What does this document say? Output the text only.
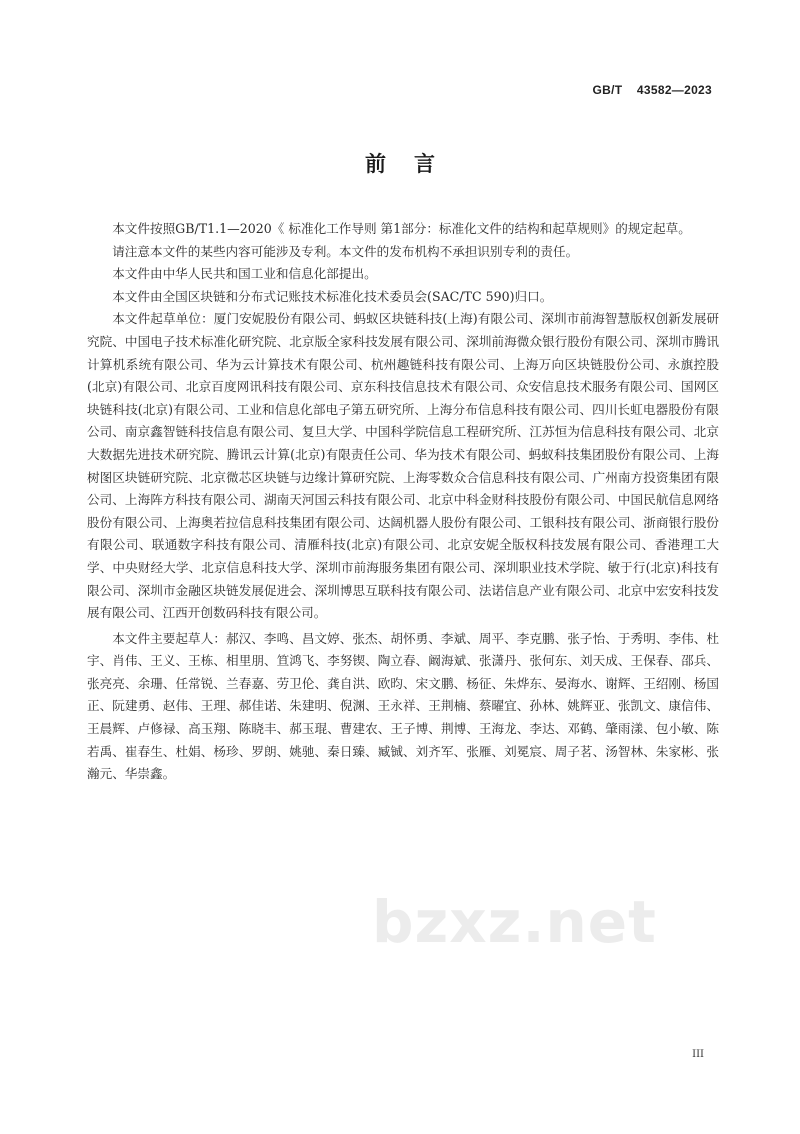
GB/T    43582—2023
前言

本文件按照GB/T1.1—2020《 标准化工作导则 第1部分：标准化文件的结构和起草规则》的规定起草。

请注意本文件的某些内容可能涉及专利。本文件的发布机构不承担识别专利的责任。

本文件由中华人民共和国工业和信息化部提出。

本文件由全国区块链和分布式记账技术标准化技术委员会(SAC/TC 590)归口。

本文件起草单位：厦门安妮股份有限公司、蚂蚁区块链科技(上海)有限公司、深圳市前海智慧版权创新发展研究院、中国电子技术标准化研究院、北京版全家科技发展有限公司、深圳前海微众银行股份有限公司、深圳市腾讯计算机系统有限公司、华为云计算技术有限公司、杭州趣链科技有限公司、上海万向区块链股份公司、永旗控股(北京)有限公司、北京百度网讯科技有限公司、京东科技信息技术有限公司、众安信息技术服务有限公司、国网区块链科技(北京)有限公司、工业和信息化部电子第五研究所、上海分布信息科技有限公司、四川长虹电器股份有限公司、南京鑫智链科技信息有限公司、复旦大学、中国科学院信息工程研究所、江苏恒为信息科技有限公司、北京大数据先进技术研究院、腾讯云计算(北京)有限责任公司、华为技术有限公司、蚂蚁科技集团股份有限公司、上海树图区块链研究院、北京微芯区块链与边缘计算研究院、上海零数众合信息科技有限公司、广州南方投资集团有限公司、上海阵方科技有限公司、湖南天河国云科技有限公司、北京中科金财科技股份有限公司、中国民航信息网络股份有限公司、上海奥若拉信息科技集团有限公司、达阔机器人股份有限公司、工银科技有限公司、浙商银行股份有限公司、联通数字科技有限公司、清雁科技(北京)有限公司、北京安妮全版权科技发展有限公司、香港理工大学、中央财经大学、北京信息科技大学、深圳市前海服务集团有限公司、深圳职业技术学院、敏于行(北京)科技有限公司、深圳市金融区块链发展促进会、深圳博思互联科技有限公司、法诺信息产业有限公司、北京中宏安科技发展有限公司、江西开创数码科技有限公司。

本文件主要起草人：郝汉、李鸣、昌文婷、张杰、胡怀勇、李斌、周平、李克鹏、张子怡、于秀明、李伟、杜宇、肖伟、王义、王栋、相里朋、笪鸿飞、李努锲、陶立春、阚海斌、张潇丹、张何东、刘天成、王保春、邵兵、张亮亮、余珊、任常锐、兰春嘉、劳卫伦、龚自洪、欧昀、宋文鹏、杨征、朱烨东、晏海水、谢辉、王绍刚、杨国正、阮建勇、赵伟、王理、郝佳诺、朱建明、倪渊、王永祥、王荆楠、蔡曜宜、孙林、姚辉亚、张凯文、康信伟、王晨辉、卢修禄、高玉翔、陈晓丰、郝玉琨、曹建农、王子博、荆博、王海龙、李达、邓鹤、肇雨漾、包小敏、陈若禹、崔春生、杜娟、杨珍、罗朗、姚驰、秦日臻、臧铖、刘齐军、张雁、刘冕宸、周子茗、汤智林、朱家彬、张瀚元、华崇鑫。

bzxz.net
III
